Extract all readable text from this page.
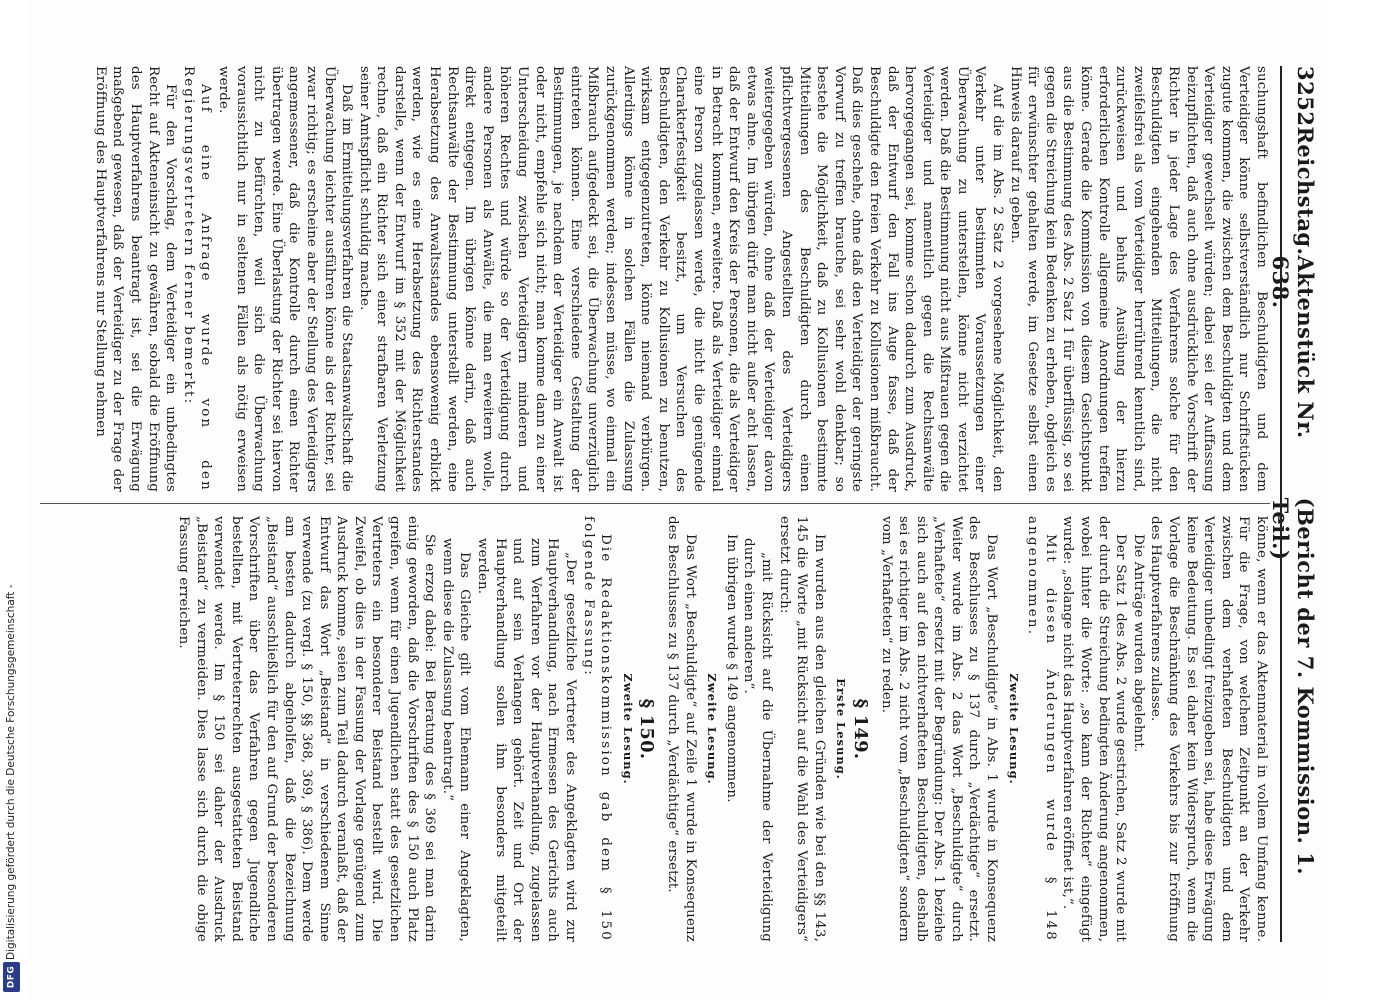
3252
Reichstag.
Aktenstück Nr. 638.
(Bericht der 7. Kommission. 1. Teil.)

suchungshaft befindlichen Beschuldigten und dem Verteidiger könne selbstverständlich nur Schriftstücken zugute kommen, die zwischen dem Beschuldigten und dem Verteidiger gewechselt würden; dabei sei der Auffassung beizupflichten, daß auch ohne ausdrückliche Vorschrift der Richter in jeder Lage des Verfahrens solche für den Beschuldigten eingehenden Mitteilungen, die nicht zweifelsfrei als vom Verteidiger herrührend kenntlich sind, zurückweisen und behufs Ausübung der hierzu erforderlichen Kontrolle allgemeine Anordnungen treffen könne. Gerade die Kommission von diesem Gesichtspunkt aus die Bestimmung des Abs. 2 Satz 1 für überflüssig, so sei gegen die Streichung kein Bedenken zu erheben, obgleich es für erwünschter gehalten werde, im Gesetze selbst einen Hinweis darauf zu geben.

Auf die im Abs. 2 Satz 2 vorgesehene Möglichkeit, den Verkehr unter bestimmten Voraussetzungen einer Überwachung zu unterstellen, könne nicht verzichtet werden. Daß die Bestimmung nicht aus Mißtrauen gegen die Verteidiger und namentlich gegen die Rechtsanwälte hervorgegangen sei, komme schon dadurch zum Ausdruck, daß der Entwurf den Fall ins Auge fasse, daß der Beschuldigte den freien Verkehr zu Kollusionen mißbraucht. Daß dies geschehe, ohne daß den Verteidiger der geringste Vorwurf zu treffen brauche, sei sehr wohl denkbar; so bestehe die Möglichkeit, daß zu Kollusionen bestimmte Mitteilungen des Beschuldigten durch einen pflichtvergessenen Angestellten des Verteidigers weitergegeben würden, ohne daß der Verteidiger davon etwas ahne. Im übrigen dürfe man nicht außer acht lassen, daß der Entwurf den Kreis der Personen, die als Verteidiger in Betracht kommen, erweitere. Daß als Verteidiger einmal eine Person zugelassen werde, die nicht die genügende Charakterfestigkeit besitzt, um Versuchen des Beschuldigten, den Verkehr zu Kollusionen zu benutzen, wirksam entgegenzutreten, könne niemand verbürgen. Allerdings könne in solchen Fällen die Zulassung zurückgenommen werden; indessen müsse, wo einmal ein Mißbrauch aufgedeckt sei, die Überwachung unverzüglich eintreten können. Eine verschiedene Gestaltung der Bestimmungen, je nachdem der Verteidiger ein Anwalt ist oder nicht, empfehle sich nicht; man komme dann zu einer Unterscheidung zwischen Verteidigern minderen und höheren Rechtes und würde so der Verteidigung durch andere Personen als Anwälte, die man erweitern wolle, direkt entgegen. Im übrigen könne darin, daß auch Rechtsanwälte der Bestimmung unterstellt werden, eine Herabsetzung des Anwaltsstandes ebensowenig erblickt werden, wie es eine Herabsetzung des Richterstandes darstelle, wenn der Entwurf im § 352 mit der Möglichkeit rechne, daß ein Richter sich einer strafbaren Verletzung seiner Amtspflicht schuldig mache.

Daß im Ermittelungsverfahren die Staatsanwaltschaft die Überwachung leichter ausführen könne als der Richter, sei zwar richtig; es erscheine aber der Stellung des Verteidigers angemessener, daß die Kontrolle durch einen Richter übertragen werde. Eine Überlastung der Richter sei hiervon nicht zu befürchten, weil sich die Überwachung voraussichtlich nur in seltenen Fällen als nötig erweisen werde.

Auf eine Anfrage wurde von den Regierungsvertretern ferner bemerkt:

Für den Vorschlag, dem Verteidiger ein unbedingtes Recht auf Akteneinsicht zu gewähren, sobald die Eröffnung des Hauptverfahrens beantragt ist, sei die Erwägung maßgebend gewesen, daß der Verteidiger zu der Frage der Eröffnung des Hauptverfahrens nur Stellung nehmen

könne, wenn er das Aktenmaterial in vollem Umfang kenne. Für die Frage, von welchem Zeitpunkt an der Verkehr zwischen dem verhafteten Beschuldigten und dem Verteidiger unbedingt freizugeben sei, habe diese Erwägung keine Bedeutung. Es sei daher kein Widerspruch, wenn die Vorlage die Beschränkung des Verkehrs bis zur Eröffnung des Hauptverfahrens zulasse.

Die Anträge wurden abgelehnt.

Der Satz 1 des Abs. 2 wurde gestrichen, Satz 2 wurde mit der durch die Streichung bedingten Änderung angenommen, wobei hinter die Worte: „so kann der Richter“ eingefügt wurde: „solange nicht das Hauptverfahren eröffnet ist,“.

Mit diesen Änderungen wurde § 148 angenommen.

Zweite Lesung.

Das Wort „Beschuldigte“ in Abs. 1 wurde in Konsequenz des Beschlusses zu § 137 durch „Verdächtige“ ersetzt. Weiter wurde im Abs. 2 das Wort „Beschuldigte“ durch „Verhaftete“ ersetzt mit der Begründung: Der Abs. 1 beziehe sich auch auf den nichtverhafteten Beschuldigten, deshalb sei es richtiger im Abs. 2 nicht vom „Beschuldigten“ sondern vom „Verhafteten“ zu reden.

§ 149.

Erste Lesung.

Im wurden aus den gleichen Gründen wie bei den §§ 143, 145 die Worte „mit Rücksicht auf die Wahl des Verteidigers“ ersetzt durch:

„mit Rücksicht auf die Übernahme der Verteidigung durch einen anderen“.

Im übrigen wurde § 149 angenommen.

Zweite Lesung.

Das Wort „Beschuldigte“ auf Zeile 1 wurde in Konsequenz des Beschlusses zu § 137 durch „Verdächtige“ ersetzt.

§ 150.

Zweite Lesung.

Die Redaktionskommission gab dem § 150 folgende Fassung:

„Der gesetzliche Vertreter des Angeklagten wird zur Hauptverhandlung, nach Ermessen des Gerichts auch zum Verfahren vor der Hauptverhandlung, zugelassen und auf sein Verlangen gehört. Zeit und Ort der Hauptverhandlung sollen ihm besonders mitgeteilt werden.

Das Gleiche gilt vom Ehemann einer Angeklagten, wenn diese die Zulassung beantragt.“

Sie erzog dabei: Bei Beratung des § 369 sei man darin einig geworden, daß die Vorschriften des § 150 auch Platz greifen, wenn für einen Jugendlichen statt des gesetzlichen Vertreters ein besonderer Beistand bestellt wird. Die Zweifel, ob dies in der Fassung der Vorlage genügend zum Ausdruck komme, seien zum Teil dadurch veranlaßt, daß der Entwurf das Wort „Beistand“ in verschiedenem Sinne verwende (zu vergl. § 150, §§ 368, 369, § 386). Dem werde am besten dadurch abgeholfen, daß die Bezeichnung „Beistand“ ausschließlich für den auf Grund der besonderen Vorschriften über das Verfahren gegen Jugendliche bestellten, mit Vertreterrechten ausgestatteten Beistand verwendet werde. Im § 150 sei daher der Ausdruck „Beistand“ zu vermeiden. Dies lasse sich durch die obige Fassung erreichen.

Digitalisierung gefördert durch die Deutsche Forschungsgemeinschaft -
DFG
